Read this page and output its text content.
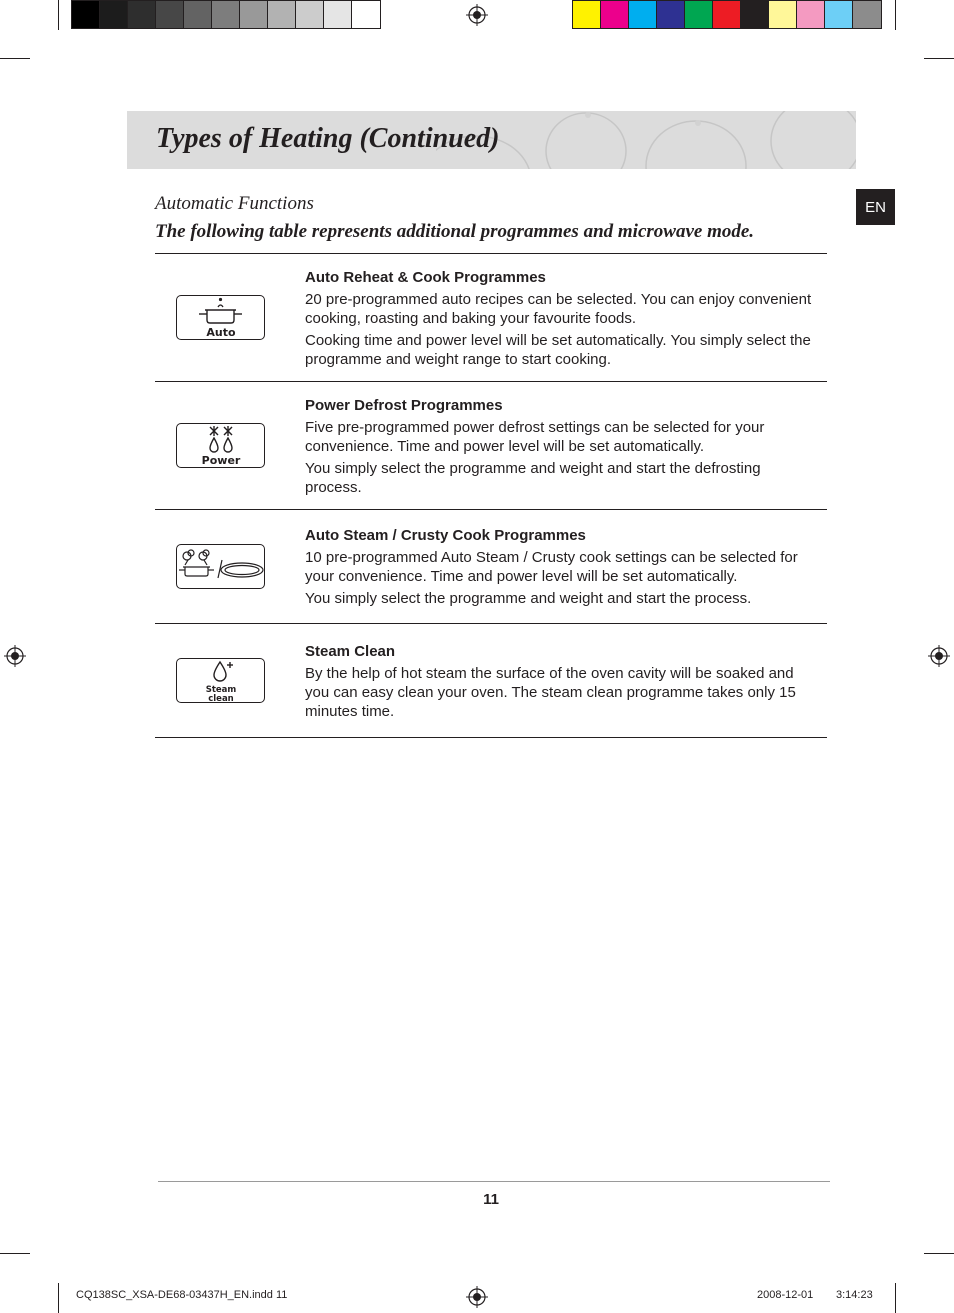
Types of Heating (Continued)
EN
Automatic Functions
The following table represents additional programmes and microwave mode.
Auto

Auto Reheat & Cook Programmes

20 pre-programmed auto recipes can be selected. You can enjoy convenient cooking, roasting and baking your favourite foods.

Cooking time and power level will be set automatically. You simply select the programme and weight range to start cooking.

Power

Power Defrost Programmes

Five pre-programmed power defrost settings can be selected for your convenience. Time and power level will be set automatically.

You simply select the programme and weight and start the defrosting process.

Auto Steam / Crusty Cook Programmes

10 pre-programmed Auto Steam / Crusty cook settings can be selected for your convenience. Time and power level will be set automatically.

You simply select the programme and weight and start the process.

Steam
clean

Steam Clean

By the help of hot steam the surface of the oven cavity will be soaked and you can easy clean your oven. The steam clean programme takes only 15 minutes time.

11
CQ138SC_XSA-DE68-03437H_EN.indd 11	2008-12-01 3:14:23
